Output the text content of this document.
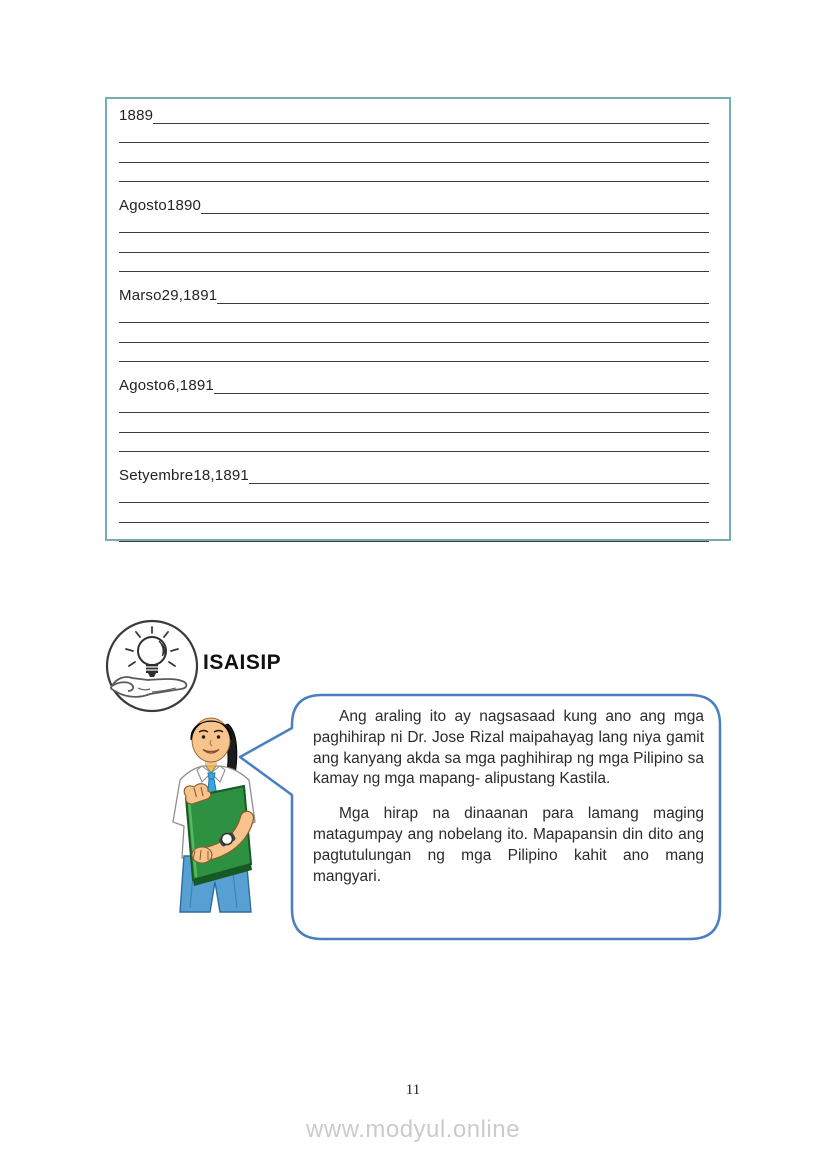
1889
Agosto1890
Marso29,1891
Agosto6,1891
Setyembre18,1891
ISAISIP

Ang araling ito ay nagsasaad kung ano ang mga paghihirap ni Dr. Jose Rizal maipahayag lang niya gamit ang kanyang akda sa mga paghihirap ng mga Pilipino sa kamay ng mga mapang- alipustang Kastila.

Mga hirap na dinaanan para lamang maging matagumpay ang nobelang ito. Mapapansin din dito ang pagtutulungan ng mga Pilipino kahit ano mang mangyari.

11
www.modyul.online
